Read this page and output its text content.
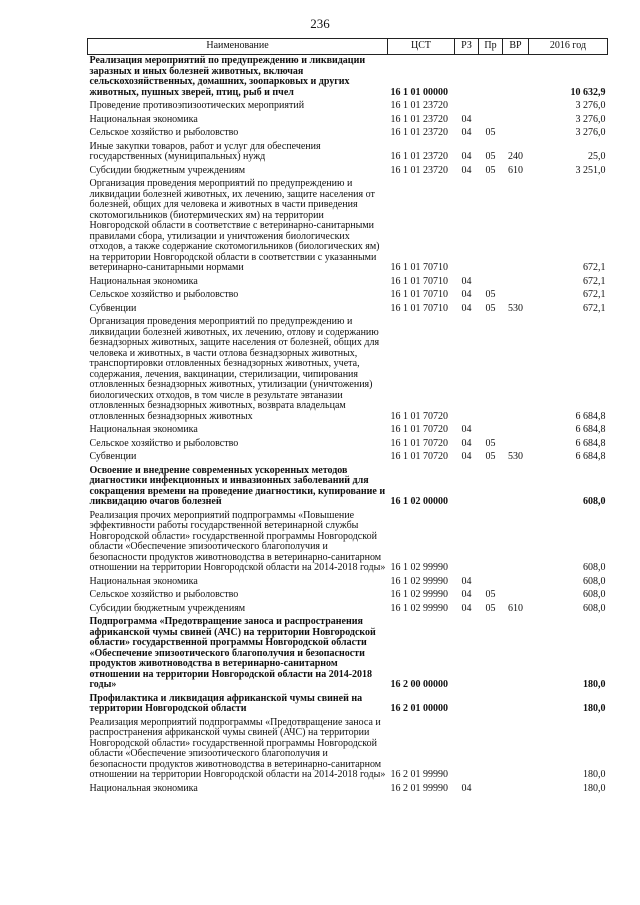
236
Наименование	ЦСТ	РЗ	Пр	ВР	2016 год
Реализация мероприятий по предупреждению и ликвидации заразных и иных болезней животных, включая сельскохозяйственных, домашних, зоопарковых и других животных, пушных зверей, птиц, рыб и пчел	16 1 01 00000				10 632,9
Проведение противоэпизоотических мероприятий	16 1 01 23720				3 276,0
Национальная экономика	16 1 01 23720	04			3 276,0
Сельское хозяйство и рыболовство	16 1 01 23720	04	05		3 276,0
Иные закупки товаров, работ и услуг для обеспечения государственных (муниципальных) нужд	16 1 01 23720	04	05	240	25,0
Субсидии бюджетным учреждениям	16 1 01 23720	04	05	610	3 251,0
Организация проведения мероприятий по предупреждению и ликвидации болезней животных, их лечению, защите населения от болезней, общих для человека и животных в части приведения скотомогильников (биотермических ям) на территории Новгородской области в соответствие с ветеринарно-санитарными правилами сбора, утилизации и уничтожения биологических отходов, а также содержание скотомогильников (биологических ям) на территории Новгородской области в соответствии с указанными ветеринарно-санитарными нормами	16 1 01 70710				672,1
Национальная экономика	16 1 01 70710	04			672,1
Сельское хозяйство и рыболовство	16 1 01 70710	04	05		672,1
Субвенции	16 1 01 70710	04	05	530	672,1
Организация проведения мероприятий по предупреждению и ликвидации болезней животных, их лечению, отлову и содержанию безнадзорных животных, защите населения от болезней, общих для человека и животных, в части отлова безнадзорных животных, транспортировки отловленных безнадзорных животных, учета, содержания, лечения, вакцинации, стерилизации, чипирования отловленных безнадзорных животных, утилизации (уничтожения) биологических отходов, в том числе в результате эвтаназии отловленных безнадзорных животных, возврата владельцам отловленных безнадзорных животных	16 1 01 70720				6 684,8
Национальная экономика	16 1 01 70720	04			6 684,8
Сельское хозяйство и рыболовство	16 1 01 70720	04	05		6 684,8
Субвенции	16 1 01 70720	04	05	530	6 684,8
Освоение и внедрение современных ускоренных методов диагностики инфекционных и инвазионных заболеваний для сокращения времени на проведение диагностики, купирование и ликвидацию очагов болезней	16 1 02 00000				608,0
Реализация прочих мероприятий подпрограммы «Повышение эффективности работы государственной ветеринарной службы Новгородской области» государственной программы Новгородской области «Обеспечение эпизоотического благополучия и безопасности продуктов животноводства в ветеринарно-санитарном отношении на территории Новгородской области на 2014-2018 годы»	16 1 02 99990				608,0
Национальная экономика	16 1 02 99990	04			608,0
Сельское хозяйство и рыболовство	16 1 02 99990	04	05		608,0
Субсидии бюджетным учреждениям	16 1 02 99990	04	05	610	608,0
Подпрограмма «Предотвращение заноса и распространения африканской чумы свиней (АЧС) на территории Новгородской области» государственной программы Новгородской области «Обеспечение эпизоотического благополучия и безопасности продуктов животноводства в ветеринарно-санитарном отношении на территории Новгородской области на 2014-2018 годы»	16 2 00 00000				180,0
Профилактика и ликвидация африканской чумы свиней на территории Новгородской области	16 2 01 00000				180,0
Реализация мероприятий подпрограммы «Предотвращение заноса и распространения африканской чумы свиней (АЧС) на территории Новгородской области» государственной программы Новгородской области «Обеспечение эпизоотического благополучия и безопасности продуктов животноводства в ветеринарно-санитарном отношении на территории Новгородской области на 2014-2018 годы»	16 2 01 99990				180,0
Национальная экономика	16 2 01 99990	04			180,0
